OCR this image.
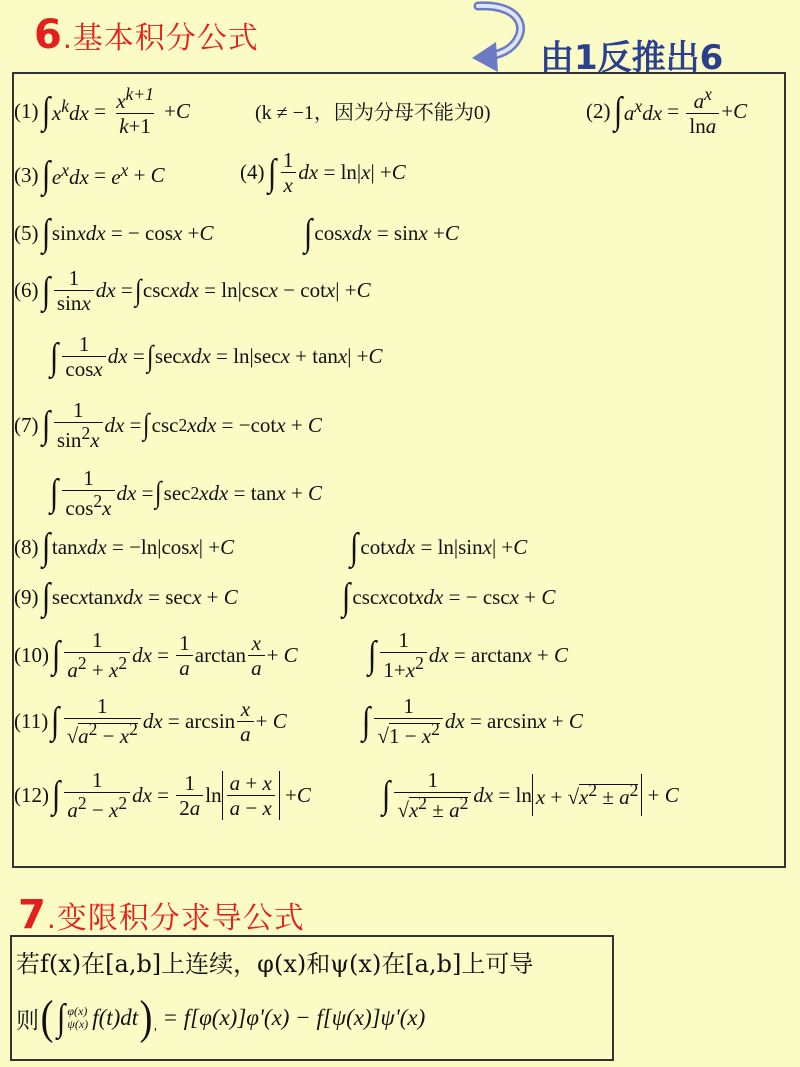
6 . 基本积分公式	由1反推出6
(1) ∫ $x^kdx = \frac{x^{k+1}}{k+1} + C$	(k ≠ −1，因为分母不能为0)	(2) ∫ $a^xdx = \frac{a^x}{\ln a} + C$
(3) ∫ $e^xdx = e^x + C$	(4) ∫ $\frac{1}{x}$ dx = ln| x | + C
(5) ∫ sin xdx = − cos x + C ∫ cos xdx = sin x + C
(6) ∫ $\frac{1}{\sin x}$ dx = ∫ csc xdx = ln|csc x − cot x | + C
∫ $\frac{1}{\cos x}$ dx = ∫ sec xdx = ln|sec x + tan x | + C
(7) ∫ $\frac{1}{\sin^2x}$ dx = ∫ csc 2 xdx = −cot x + C
∫ $\frac{1}{\cos^2x}$ dx = ∫ sec 2 xdx = tan x + C
(8) ∫ tan xdx = −ln|cos x | + C	∫ cot xdx = ln|sin x | + C
(9) ∫ sec x tan xdx = sec x + C	∫ csc x cot xdx = − csc x + C
(10) ∫ $\frac{1}{a^2 + x^2}$ dx = $\frac{1}{a}$ $\arctan \frac{x}{a} + C$ ∫ $\frac{1}{1+x^2}$ dx = arctan x + C
(11) ∫ $\frac{1}{√a^2 - x^2}$ dx = $\arcsin \frac{x}{a} + C$ ∫ $\frac{1}{√1 - x^2}$ dx = arcsin x + C
(12) ∫ $\frac{1}{a^2 - x^2}$ dx = $\frac{1}{2a}$ $\ln \frac{a + x}{a - x} + C$ ∫ $\frac{1}{√x^2 \pm a^2}$ dx = $\ln x + √x^2 \pm a^2 + C$
7 . 变限积分求导公式
若f(x)在[a,b]上连续，φ(x)和ψ(x)在[a,b]上可导
则 ( ∫ φ(x)
ψ(x) f(t)dt ) '

= f[φ(x)]φ'(x) − f[ψ(x)]ψ'(x)
